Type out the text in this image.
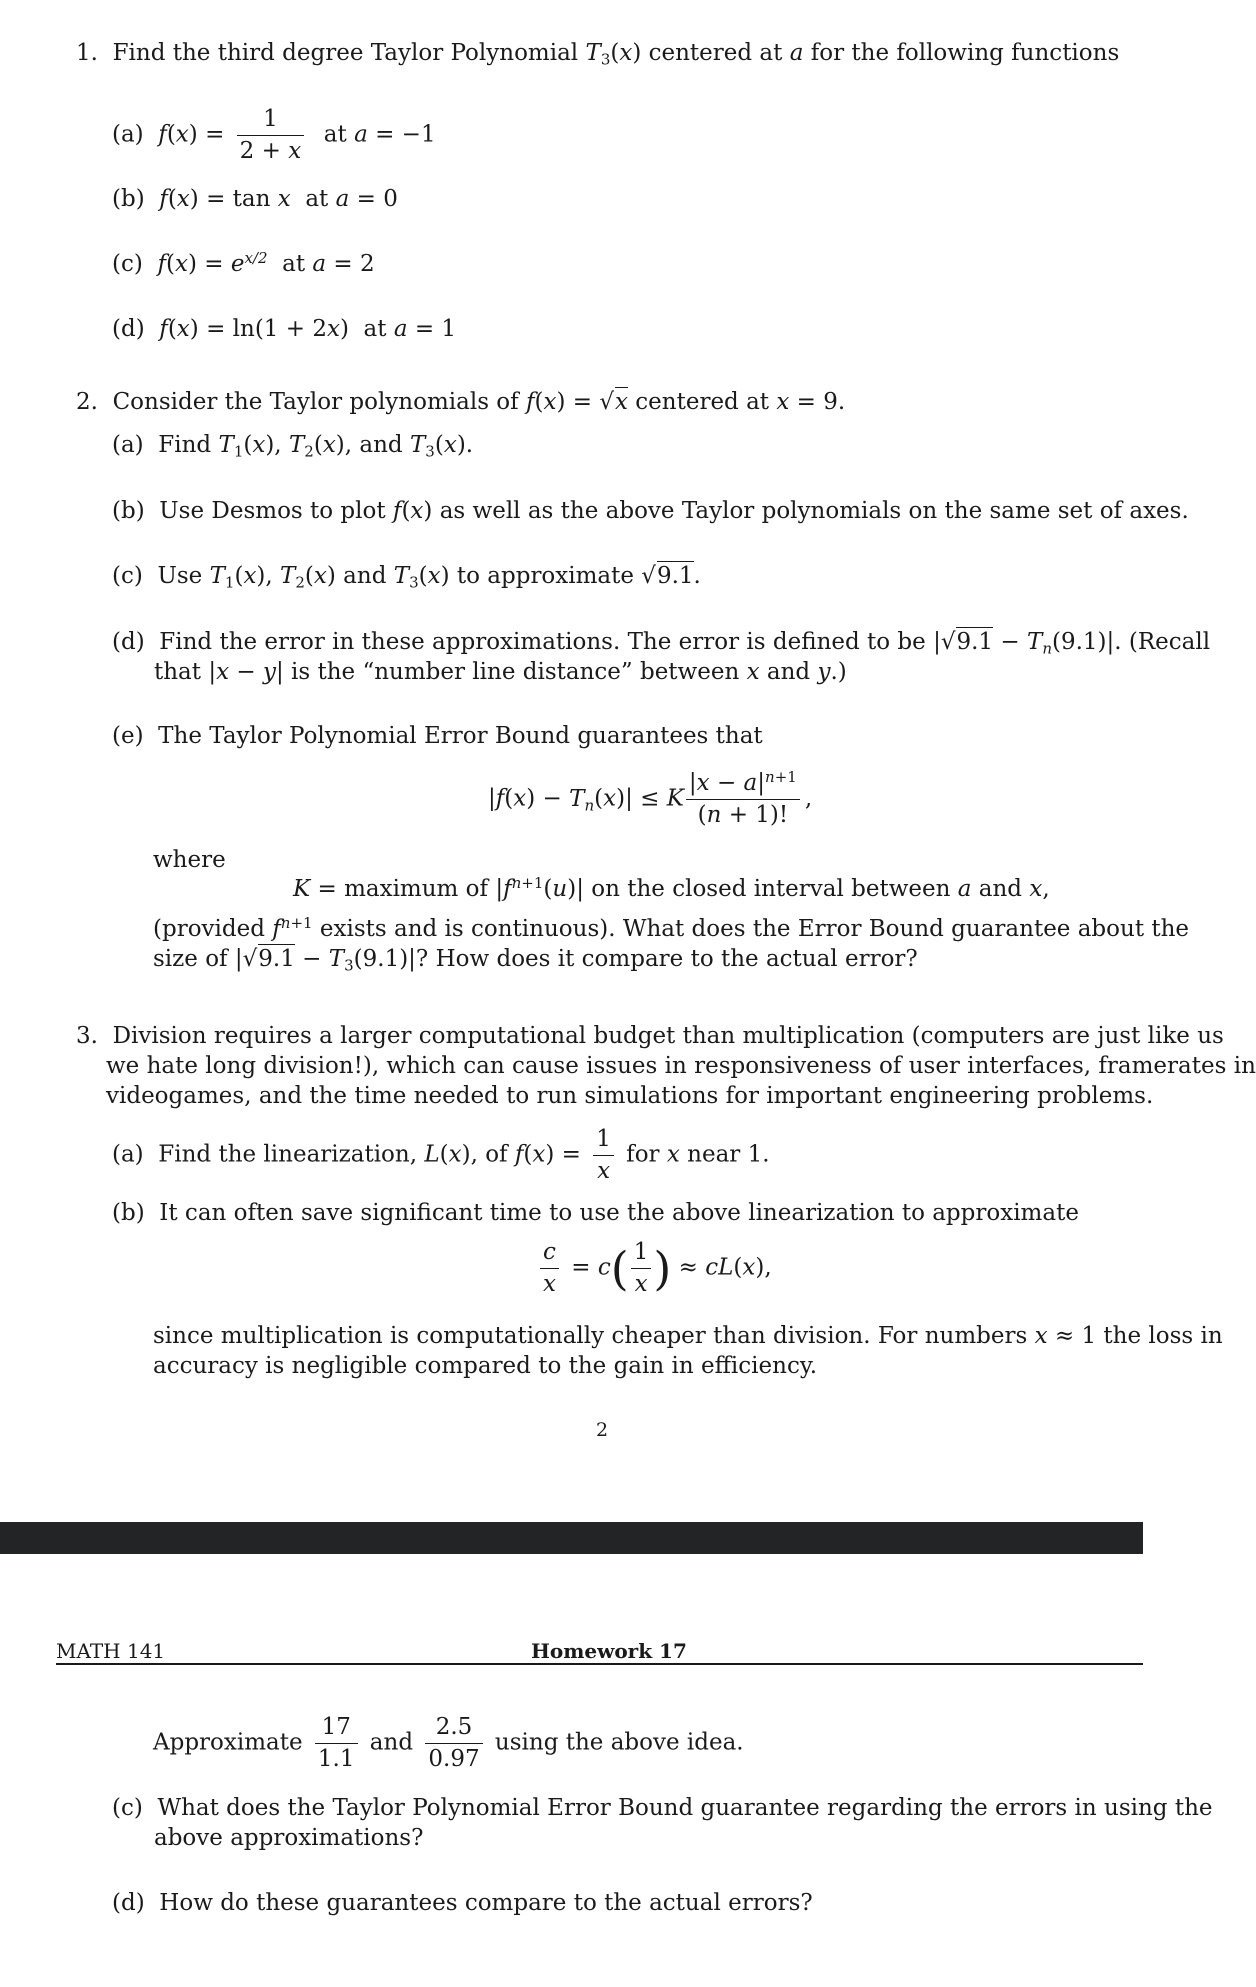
1.  Find the third degree Taylor Polynomial $T_3(x)$ centered at a for the following functions
(a) $f(x) = \frac{1}{2 + x}$ at a = −1
(b) f(x) = tan x  at a = 0
(c) $f(x) = e^{x/2}$  at a = 2
(d) f(x) = ln(1 + 2x)  at a = 1
2.  Consider the Taylor polynomials of f(x) = √x centered at x = 9.
(a)  Find $T_1(x)$, $T_2(x)$, and $T_3(x)$.
(b)  Use Desmos to plot f(x) as well as the above Taylor polynomials on the same set of axes.
(c)  Use $T_1(x)$, $T_2(x)$ and $T_3(x)$ to approximate √9.1.
(d)  Find the error in these approximations. The error is defined to be $|√9.1 - T_n(9.1)|$. (Recall
that |x − y| is the “number line distance” between x and y.)
(e)  The Taylor Polynomial Error Bound guarantees that
$|f(x) - T_n(x)| \le K \frac{|x - a|^{n+1}}{(n + 1)!}$ ,
where
K = maximum of $|f^{n+1}(u)|$ on the closed interval between a and x,
(provided $f^{n+1}$ exists and is continuous). What does the Error Bound guarantee about the
size of $|√9.1 - T_3(9.1)|$? How does it compare to the actual error?
3. Division requires a larger computational budget than multiplication (computers are just like us
we hate long division!), which can cause issues in responsiveness of user interfaces, framerates in
videogames, and the time needed to run simulations for important engineering problems.
(a)  Find the linearization, L(x), of $f(x) = \frac{1}{x}$ for x near 1.
(b) It can often save significant time to use the above linearization to approximate
$\frac{c}{x} = c( \frac{1}{x}$ ) ≈ cL(x),
since multiplication is computationally cheaper than division. For numbers x ≈ 1 the loss in
accuracy is negligible compared to the gain in efficiency.
2
MATH 141	Homework 17
Approximate $\frac{17}{1.1}$ and $\frac{2.5}{0.97}$ using the above idea.
(c) What does the Taylor Polynomial Error Bound guarantee regarding the errors in using the
above approximations?
(d) How do these guarantees compare to the actual errors?
